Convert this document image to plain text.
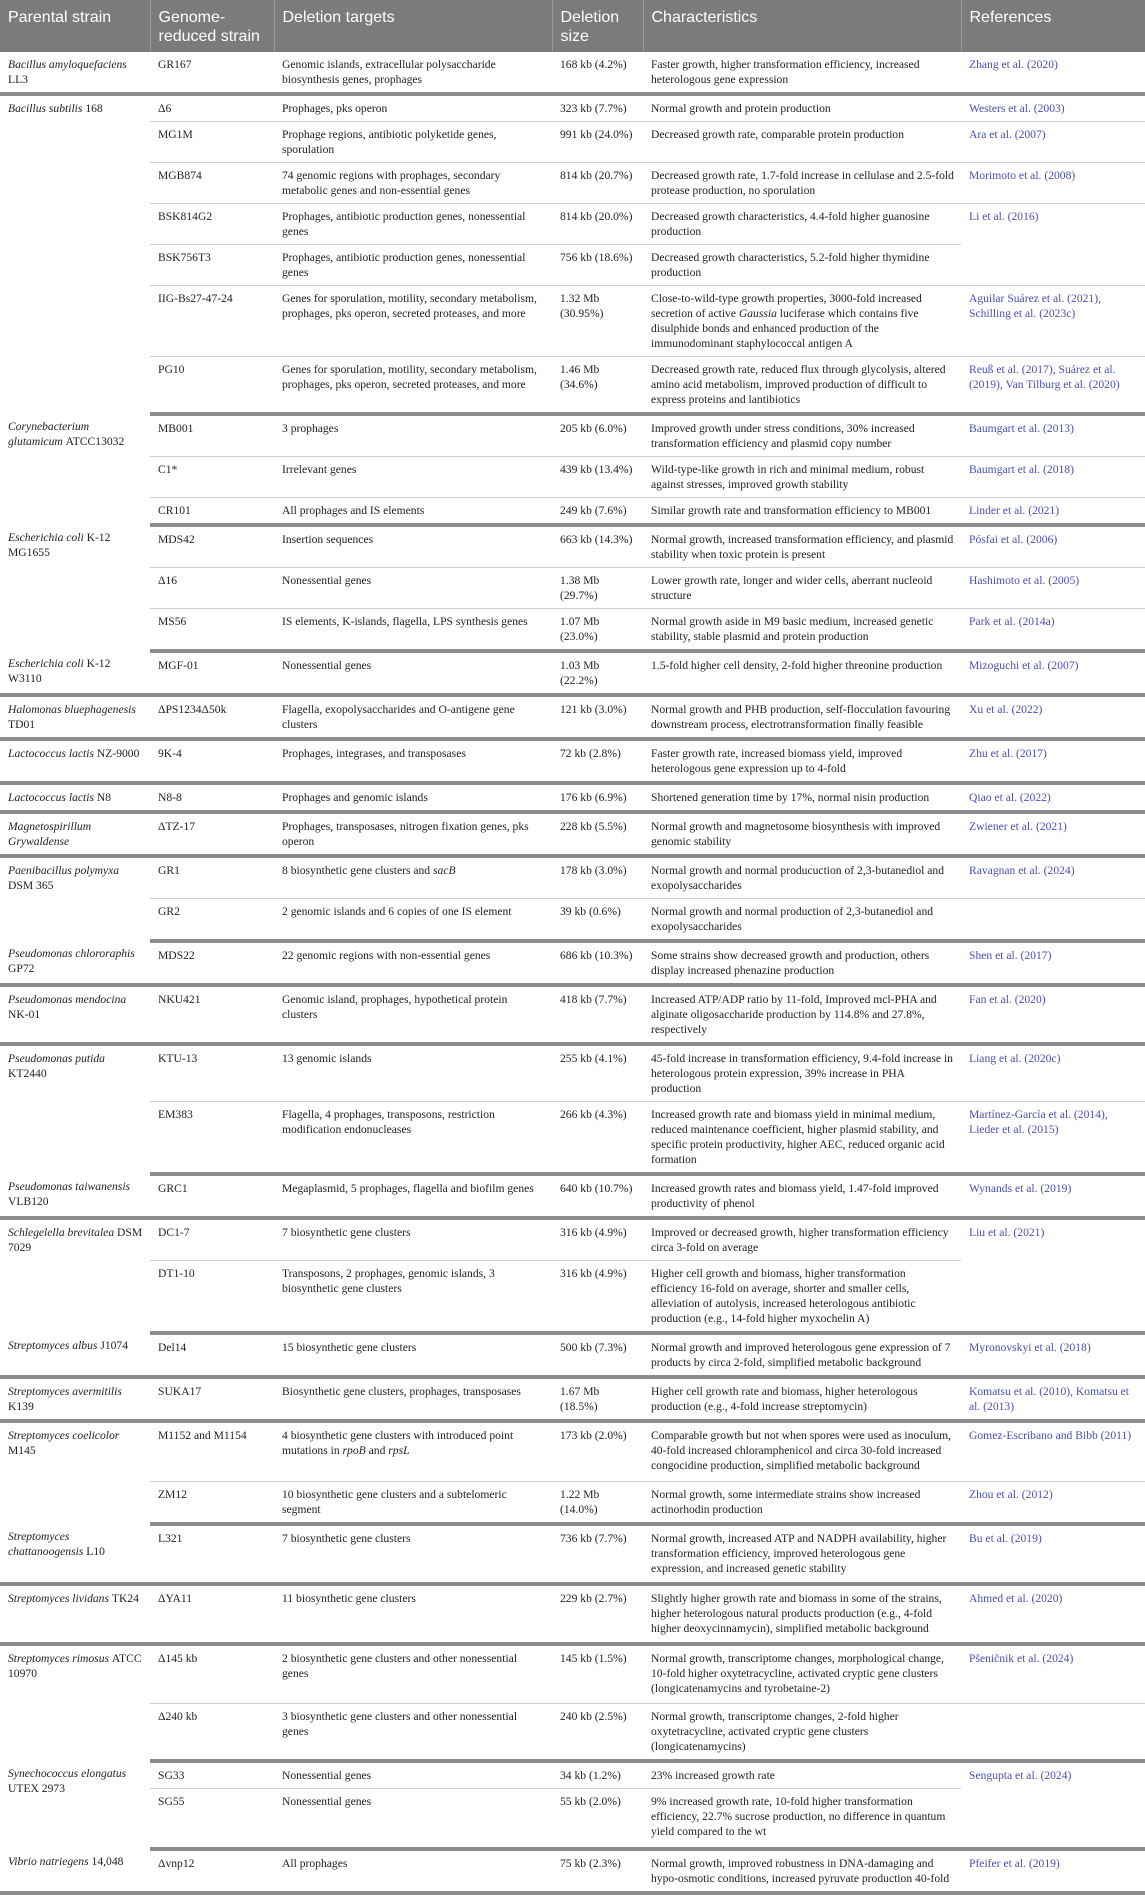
Parental strain	Genome-reduced strain	Deletion targets	Deletion size	Characteristics	References
Bacillus amyloquefaciens LL3	GR167	Genomic islands, extracellular polysaccharide biosynthesis genes, prophages	168 kb (4.2%)	Faster growth, higher transformation efficiency, increased heterologous gene expression	Zhang et al. (2020)
Bacillus subtilis 168	Δ6	Prophages, pks operon	323 kb (7.7%)	Normal growth and protein production	Westers et al. (2003)
	MG1M	Prophage regions, antibiotic polyketide genes, sporulation	991 kb (24.0%)	Decreased growth rate, comparable protein production	Ara et al. (2007)
	MGB874	74 genomic regions with prophages, secondary metabolic genes and non-essential genes	814 kb (20.7%)	Decreased growth rate, 1.7-fold increase in cellulase and 2.5-fold protease production, no sporulation	Morimoto et al. (2008)
	BSK814G2	Prophages, antibiotic production genes, nonessential genes	814 kb (20.0%)	Decreased growth characteristics, 4.4-fold higher guanosine production	Li et al. (2016)
	BSK756T3	Prophages, antibiotic production genes, nonessential genes	756 kb (18.6%)	Decreased growth characteristics, 5.2-fold higher thymidine production	
	IIG-Bs27-47-24	Genes for sporulation, motility, secondary metabolism, prophages, pks operon, secreted proteases, and more	1.32 Mb (30.95%)	Close-to-wild-type growth properties, 3000-fold increased secretion of active Gaussia luciferase which contains five disulphide bonds and enhanced production of the immunodominant staphylococcal antigen A	Aguilar Suárez et al. (2021), Schilling et al. (2023c)
	PG10	Genes for sporulation, motility, secondary metabolism, prophages, pks operon, secreted proteases, and more	1.46 Mb (34.6%)	Decreased growth rate, reduced flux through glycolysis, altered amino acid metabolism, improved production of difficult to express proteins and lantibiotics	Reuß et al. (2017), Suárez et al. (2019), Van Tilburg et al. (2020)
Corynebacterium glutamicum ATCC13032	MB001	3 prophages	205 kb (6.0%)	Improved growth under stress conditions, 30% increased transformation efficiency and plasmid copy number	Baumgart et al. (2013)
	C1*	Irrelevant genes	439 kb (13.4%)	Wild-type-like growth in rich and minimal medium, robust against stresses, improved growth stability	Baumgart et al. (2018)
	CR101	All prophages and IS elements	249 kb (7.6%)	Similar growth rate and transformation efficiency to MB001	Linder et al. (2021)
Escherichia coli K-12 MG1655	MDS42	Insertion sequences	663 kb (14.3%)	Normal growth, increased transformation efficiency, and plasmid stability when toxic protein is present	Pósfai et al. (2006)
	Δ16	Nonessential genes	1.38 Mb (29.7%)	Lower growth rate, longer and wider cells, aberrant nucleoid structure	Hashimoto et al. (2005)
	MS56	IS elements, K-islands, flagella, LPS synthesis genes	1.07 Mb (23.0%)	Normal growth aside in M9 basic medium, increased genetic stability, stable plasmid and protein production	Park et al. (2014a)
Escherichia coli K-12 W3110	MGF-01	Nonessential genes	1.03 Mb (22.2%)	1.5-fold higher cell density, 2-fold higher threonine production	Mizoguchi et al. (2007)
Halomonas bluephagenesis TD01	ΔPS1234Δ50k	Flagella, exopolysaccharides and O-antigene gene clusters	121 kb (3.0%)	Normal growth and PHB production, self-flocculation favouring downstream process, electrotransformation finally feasible	Xu et al. (2022)
Lactococcus lactis NZ-9000	9K-4	Prophages, integrases, and transposases	72 kb (2.8%)	Faster growth rate, increased biomass yield, improved heterologous gene expression up to 4-fold	Zhu et al. (2017)
Lactococcus lactis N8	N8-8	Prophages and genomic islands	176 kb (6.9%)	Shortened generation time by 17%, normal nisin production	Qiao et al. (2022)
Magnetospirillum Grywaldense	ΔTZ-17	Prophages, transposases, nitrogen fixation genes, pks operon	228 kb (5.5%)	Normal growth and magnetosome biosynthesis with improved genomic stability	Zwiener et al. (2021)
Paenibacillus polymyxa DSM 365	GR1	8 biosynthetic gene clusters and sacB	178 kb (3.0%)	Normal growth and normal producuction of 2,3-butanediol and exopolysaccharides	Ravagnan et al. (2024)
	GR2	2 genomic islands and 6 copies of one IS element	39 kb (0.6%)	Normal growth and normal production of 2,3-butanediol and exopolysaccharides	
Pseudomonas chlororaphis GP72	MDS22	22 genomic regions with non-essential genes	686 kb (10.3%)	Some strains show decreased growth and production, others display increased phenazine production	Shen et al. (2017)
Pseudomonas mendocina NK-01	NKU421	Genomic island, prophages, hypothetical protein clusters	418 kb (7.7%)	Increased ATP/ADP ratio by 11-fold, Improved mcl-PHA and alginate oligosaccharide production by 114.8% and 27.8%, respectively	Fan et al. (2020)
Pseudomonas putida KT2440	KTU-13	13 genomic islands	255 kb (4.1%)	45-fold increase in transformation efficiency, 9.4-fold increase in heterologous protein expression, 39% increase in PHA production	Liang et al. (2020c)
	EM383	Flagella, 4 prophages, transposons, restriction modification endonucleases	266 kb (4.3%)	Increased growth rate and biomass yield in minimal medium, reduced maintenance coefficient, higher plasmid stability, and specific protein productivity, higher AEC, reduced organic acid formation	Martínez-García et al. (2014), Lieder et al. (2015)
Pseudomonas taiwanensis VLB120	GRC1	Megaplasmid, 5 prophages, flagella and biofilm genes	640 kb (10.7%)	Increased growth rates and biomass yield, 1.47-fold improved productivity of phenol	Wynands et al. (2019)
Schlegelella brevitalea DSM 7029	DC1-7	7 biosynthetic gene clusters	316 kb (4.9%)	Improved or decreased growth, higher transformation efficiency circa 3-fold on average	Liu et al. (2021)
	DT1-10	Transposons, 2 prophages, genomic islands, 3 biosynthetic gene clusters	316 kb (4.9%)	Higher cell growth and biomass, higher transformation efficiency 16-fold on average, shorter and smaller cells, alleviation of autolysis, increased heterologous antibiotic production (e.g., 14-fold higher myxochelin A)	
Streptomyces albus J1074	Del14	15 biosynthetic gene clusters	500 kb (7.3%)	Normal growth and improved heterologous gene expression of 7 products by circa 2-fold, simplified metabolic background	Myronovskyi et al. (2018)
Streptomyces avermitilis K139	SUKA17	Biosynthetic gene clusters, prophages, transposases	1.67 Mb (18.5%)	Higher cell growth rate and biomass, higher heterologous production (e.g., 4-fold increase streptomycin)	Komatsu et al. (2010), Komatsu et al. (2013)
Streptomyces coelicolor M145	M1152 and M1154	4 biosynthetic gene clusters with introduced point mutations in rpoB and rpsL	173 kb (2.0%)	Comparable growth but not when spores were used as inoculum, 40-fold increased chloramphenicol and circa 30-fold increased congocidine production, simplified metabolic background	Gomez-Escribano and Bibb (2011)
	ZM12	10 biosynthetic gene clusters and a subtelomeric segment	1.22 Mb (14.0%)	Normal growth, some intermediate strains show increased actinorhodin production	Zhou et al. (2012)
Streptomyces chattanoogensis L10	L321	7 biosynthetic gene clusters	736 kb (7.7%)	Normal growth, increased ATP and NADPH availability, higher transformation efficiency, improved heterologous gene expression, and increased genetic stability	Bu et al. (2019)
Streptomyces lividans TK24	ΔYA11	11 biosynthetic gene clusters	229 kb (2.7%)	Slightly higher growth rate and biomass in some of the strains, higher heterologous natural products production (e.g., 4-fold higher deoxycinnamycin), simplified metabolic background	Ahmed et al. (2020)
Streptomyces rimosus ATCC 10970	Δ145 kb	2 biosynthetic gene clusters and other nonessential genes	145 kb (1.5%)	Normal growth, transcriptome changes, morphological change, 10-fold higher oxytetracycline, activated cryptic gene clusters (longicatenamycins and tyrobetaine-2)	Pšeničnik et al. (2024)
	Δ240 kb	3 biosynthetic gene clusters and other nonessential genes	240 kb (2.5%)	Normal growth, transcriptome changes, 2-fold higher oxytetracycline, activated cryptic gene clusters (longicatenamycins)	
Synechococcus elongatus UTEX 2973	SG33	Nonessential genes	34 kb (1.2%)	23% increased growth rate	Sengupta et al. (2024)
	SG55	Nonessential genes	55 kb (2.0%)	9% increased growth rate, 10-fold higher transformation efficiency, 22.7% sucrose production, no difference in quantum yield compared to the wt	
Vibrio natriegens 14,048	Δvnp12	All prophages	75 kb (2.3%)	Normal growth, improved robustness in DNA-damaging and hypo-osmotic conditions, increased pyruvate production 40-fold	Pfeifer et al. (2019)
